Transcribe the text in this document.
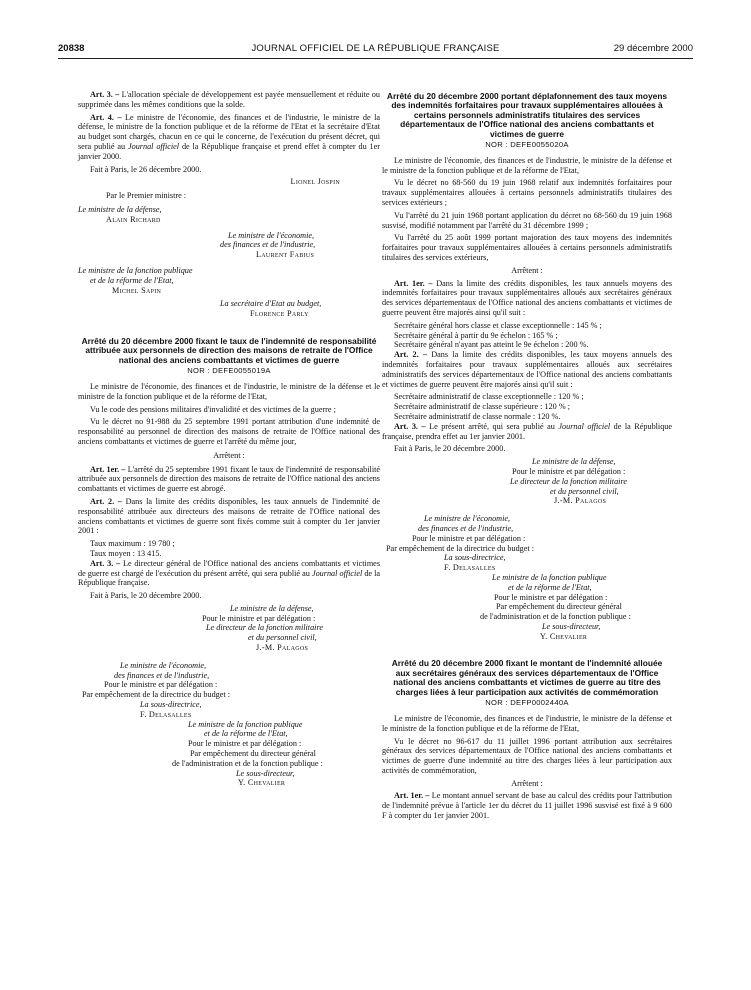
20838	JOURNAL OFFICIEL DE LA RÉPUBLIQUE FRANÇAISE	29 décembre 2000

Art. 3. – L'allocation spéciale de développement est payée mensuellement et réduite ou supprimée dans les mêmes conditions que la solde.

Art. 4. – Le ministre de l'économie, des finances et de l'industrie, le ministre de la défense, le ministre de la fonction publique et de la réforme de l'Etat et la secrétaire d'Etat au budget sont chargés, chacun en ce qui le concerne, de l'exécution du présent décret, qui sera publié au Journal officiel de la République française et prend effet à compter du 1er janvier 2000.

Fait à Paris, le 26 décembre 2000.

Lionel Jospin
Par le Premier ministre :
Le ministre de la défense,
Alain Richard
Le ministre de l'économie,
des finances et de l'industrie,
Laurent Fabius
Le ministre de la fonction publique
et de la réforme de l'Etat,
Michel Sapin
La secrétaire d'Etat au budget,
Florence Parly
Arrêté du 20 décembre 2000 fixant le taux de l'indemnité de responsabilité attribuée aux personnels de direction des maisons de retraite de l'Office national des anciens combattants et victimes de guerre
NOR : DEFE0055019A

Le ministre de l'économie, des finances et de l'industrie, le ministre de la défense et le ministre de la fonction publique et de la réforme de l'Etat,

Vu le code des pensions militaires d'invalidité et des victimes de la guerre ;

Vu le décret no 91-988 du 25 septembre 1991 portant attribution d'une indemnité de responsabilité au personnel de direction des maisons de retraite de l'Office national des anciens combattants et victimes de guerre et l'arrêté du même jour,

Arrêtent :

Art. 1er. – L'arrêté du 25 septembre 1991 fixant le taux de l'indemnité de responsabilité attribuée aux personnels de direction des maisons de retraite de l'Office national des anciens combattants et victimes de guerre est abrogé.

Art. 2. – Dans la limite des crédits disponibles, les taux annuels de l'indemnité de responsabilité attribuée aux directeurs des maisons de retraite de l'Office national des anciens combattants et victimes de guerre sont fixés comme suit à compter du 1er janvier 2001 :

Taux maximum : 19 780 ;
Taux moyen : 13 415.

Art. 3. – Le directeur général de l'Office national des anciens combattants et victimes de guerre est chargé de l'exécution du présent arrêté, qui sera publié au Journal officiel de la République française.

Fait à Paris, le 20 décembre 2000.

Le ministre de la défense,
Pour le ministre et par délégation :
Le directeur de la fonction militaire
et du personnel civil,
J.-M. Palagos
Le ministre de l'économie,
des finances et de l'industrie,
Pour le ministre et par délégation :
Par empêchement de la directrice du budget :
La sous-directrice,
F. Delasalles
Le ministre de la fonction publique
et de la réforme de l'Etat,
Pour le ministre et par délégation :
Par empêchement du directeur général
de l'administration et de la fonction publique :
Le sous-directeur,
Y. Chevalier
Arrêté du 20 décembre 2000 portant déplafonnement des taux moyens des indemnités forfaitaires pour travaux supplémentaires allouées à certains personnels administratifs titulaires des services départementaux de l'Office national des anciens combattants et victimes de guerre
NOR : DEFE0055020A

Le ministre de l'économie, des finances et de l'industrie, le ministre de la défense et le ministre de la fonction publique et de la réforme de l'Etat,

Vu le décret no 68-560 du 19 juin 1968 relatif aux indemnités forfaitaires pour travaux supplémentaires allouées à certains personnels administratifs titulaires des services extérieurs ;

Vu l'arrêté du 21 juin 1968 portant application du décret no 68-560 du 19 juin 1968 susvisé, modifié notamment par l'arrêté du 31 décembre 1999 ;

Vu l'arrêté du 25 août 1999 portant majoration des taux moyens des indemnités forfaitaires pour travaux supplémentaires allouées à certains personnels administratifs titulaires des services extérieurs,

Arrêtent :

Art. 1er. – Dans la limite des crédits disponibles, les taux annuels moyens des indemnités forfaitaires pour travaux supplémentaires alloués aux secrétaires généraux des services départementaux de l'Office national des anciens combattants et victimes de guerre peuvent être majorés ainsi qu'il suit :

Secrétaire général hors classe et classe exceptionnelle : 145 % ;
Secrétaire général à partir du 9e échelon : 165 % ;
Secrétaire général n'ayant pas atteint le 9e échelon : 200 %.

Art. 2. – Dans la limite des crédits disponibles, les taux moyens annuels des indemnités forfaitaires pour travaux supplémentaires alloués aux secrétaires administratifs des services départementaux de l'Office national des anciens combattants et victimes de guerre peuvent être majorés ainsi qu'il suit :

Secrétaire administratif de classe exceptionnelle : 120 % ;
Secrétaire administratif de classe supérieure : 120 % ;
Secrétaire administratif de classe normale : 120 %.

Art. 3. – Le présent arrêté, qui sera publié au Journal officiel de la République française, prendra effet au 1er janvier 2001.

Fait à Paris, le 20 décembre 2000.

Le ministre de la défense,
Pour le ministre et par délégation :
Le directeur de la fonction militaire
et du personnel civil,
J.-M. Palagos
Le ministre de l'économie,
des finances et de l'industrie,
Pour le ministre et par délégation :
Par empêchement de la directrice du budget :
La sous-directrice,
F. Delasalles
Le ministre de la fonction publique
et de la réforme de l'Etat,
Pour le ministre et par délégation :
Par empêchement du directeur général
de l'administration et de la fonction publique :
Le sous-directeur,
Y. Chevalier
Arrêté du 20 décembre 2000 fixant le montant de l'indemnité allouée aux secrétaires généraux des services départementaux de l'Office national des anciens combattants et victimes de guerre au titre des charges liées à leur participation aux activités de commémoration
NOR : DEFP0002440A

Le ministre de l'économie, des finances et de l'industrie, le ministre de la défense et le ministre de la fonction publique et de la réforme de l'Etat,

Vu le décret no 96-617 du 11 juillet 1996 portant attribution aux secrétaires généraux des services départementaux de l'Office national des anciens combattants et victimes de guerre d'une indemnité au titre des charges liées à leur participation aux activités de commémoration,

Arrêtent :

Art. 1er. – Le montant annuel servant de base au calcul des crédits pour l'attribution de l'indemnité prévue à l'article 1er du décret du 11 juillet 1996 susvisé est fixé à 9 600 F à compter du 1er janvier 2001.
